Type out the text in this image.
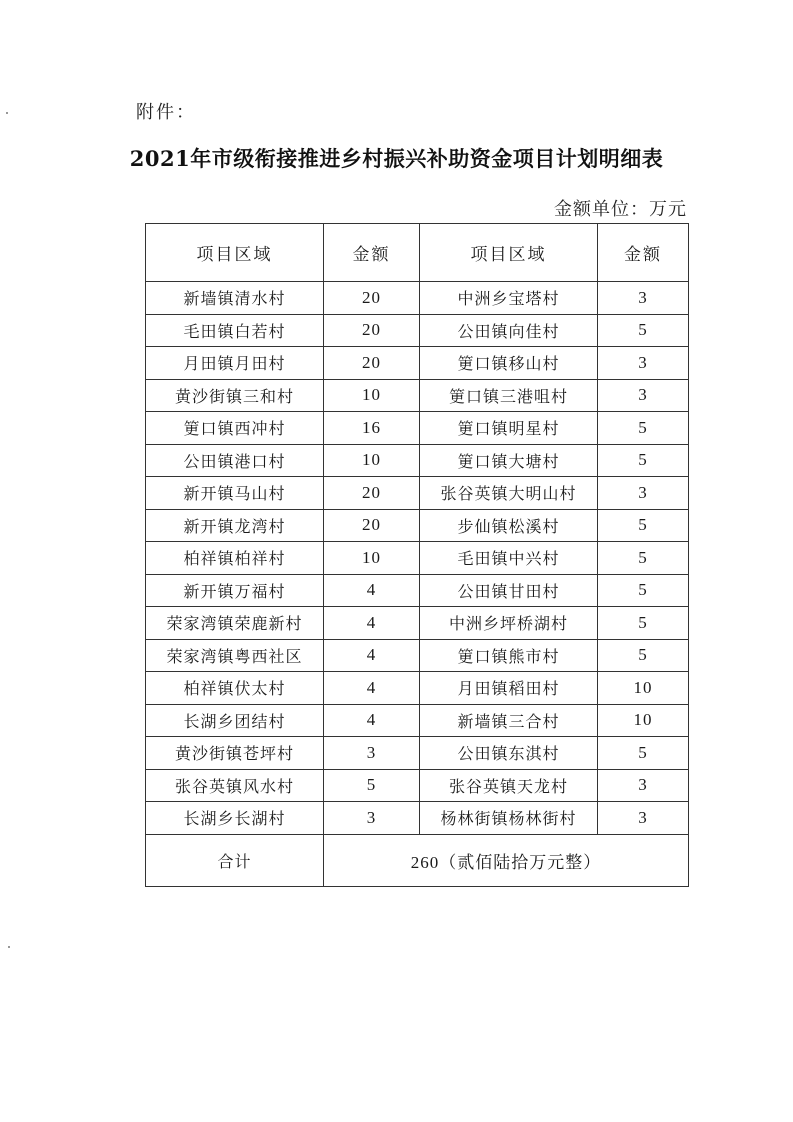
附件：
2021年市级衔接推进乡村振兴补助资金项目计划明细表
金额单位：万元
项目区域	金额	项目区域	金额
新墙镇清水村	20	中洲乡宝塔村	3
毛田镇白若村	20	公田镇向佳村	5
月田镇月田村	20	筻口镇移山村	3
黄沙街镇三和村	10	筻口镇三港咀村	3
筻口镇西冲村	16	筻口镇明星村	5
公田镇港口村	10	筻口镇大塘村	5
新开镇马山村	20	张谷英镇大明山村	3
新开镇龙湾村	20	步仙镇松溪村	5
柏祥镇柏祥村	10	毛田镇中兴村	5
新开镇万福村	4	公田镇甘田村	5
荣家湾镇荣鹿新村	4	中洲乡坪桥湖村	5
荣家湾镇粤西社区	4	筻口镇熊市村	5
柏祥镇伏太村	4	月田镇稻田村	10
长湖乡团结村	4	新墙镇三合村	10
黄沙街镇苍坪村	3	公田镇东淇村	5
张谷英镇风水村	5	张谷英镇天龙村	3
长湖乡长湖村	3	杨林街镇杨林街村	3
合计	260（贰佰陆拾万元整）		
